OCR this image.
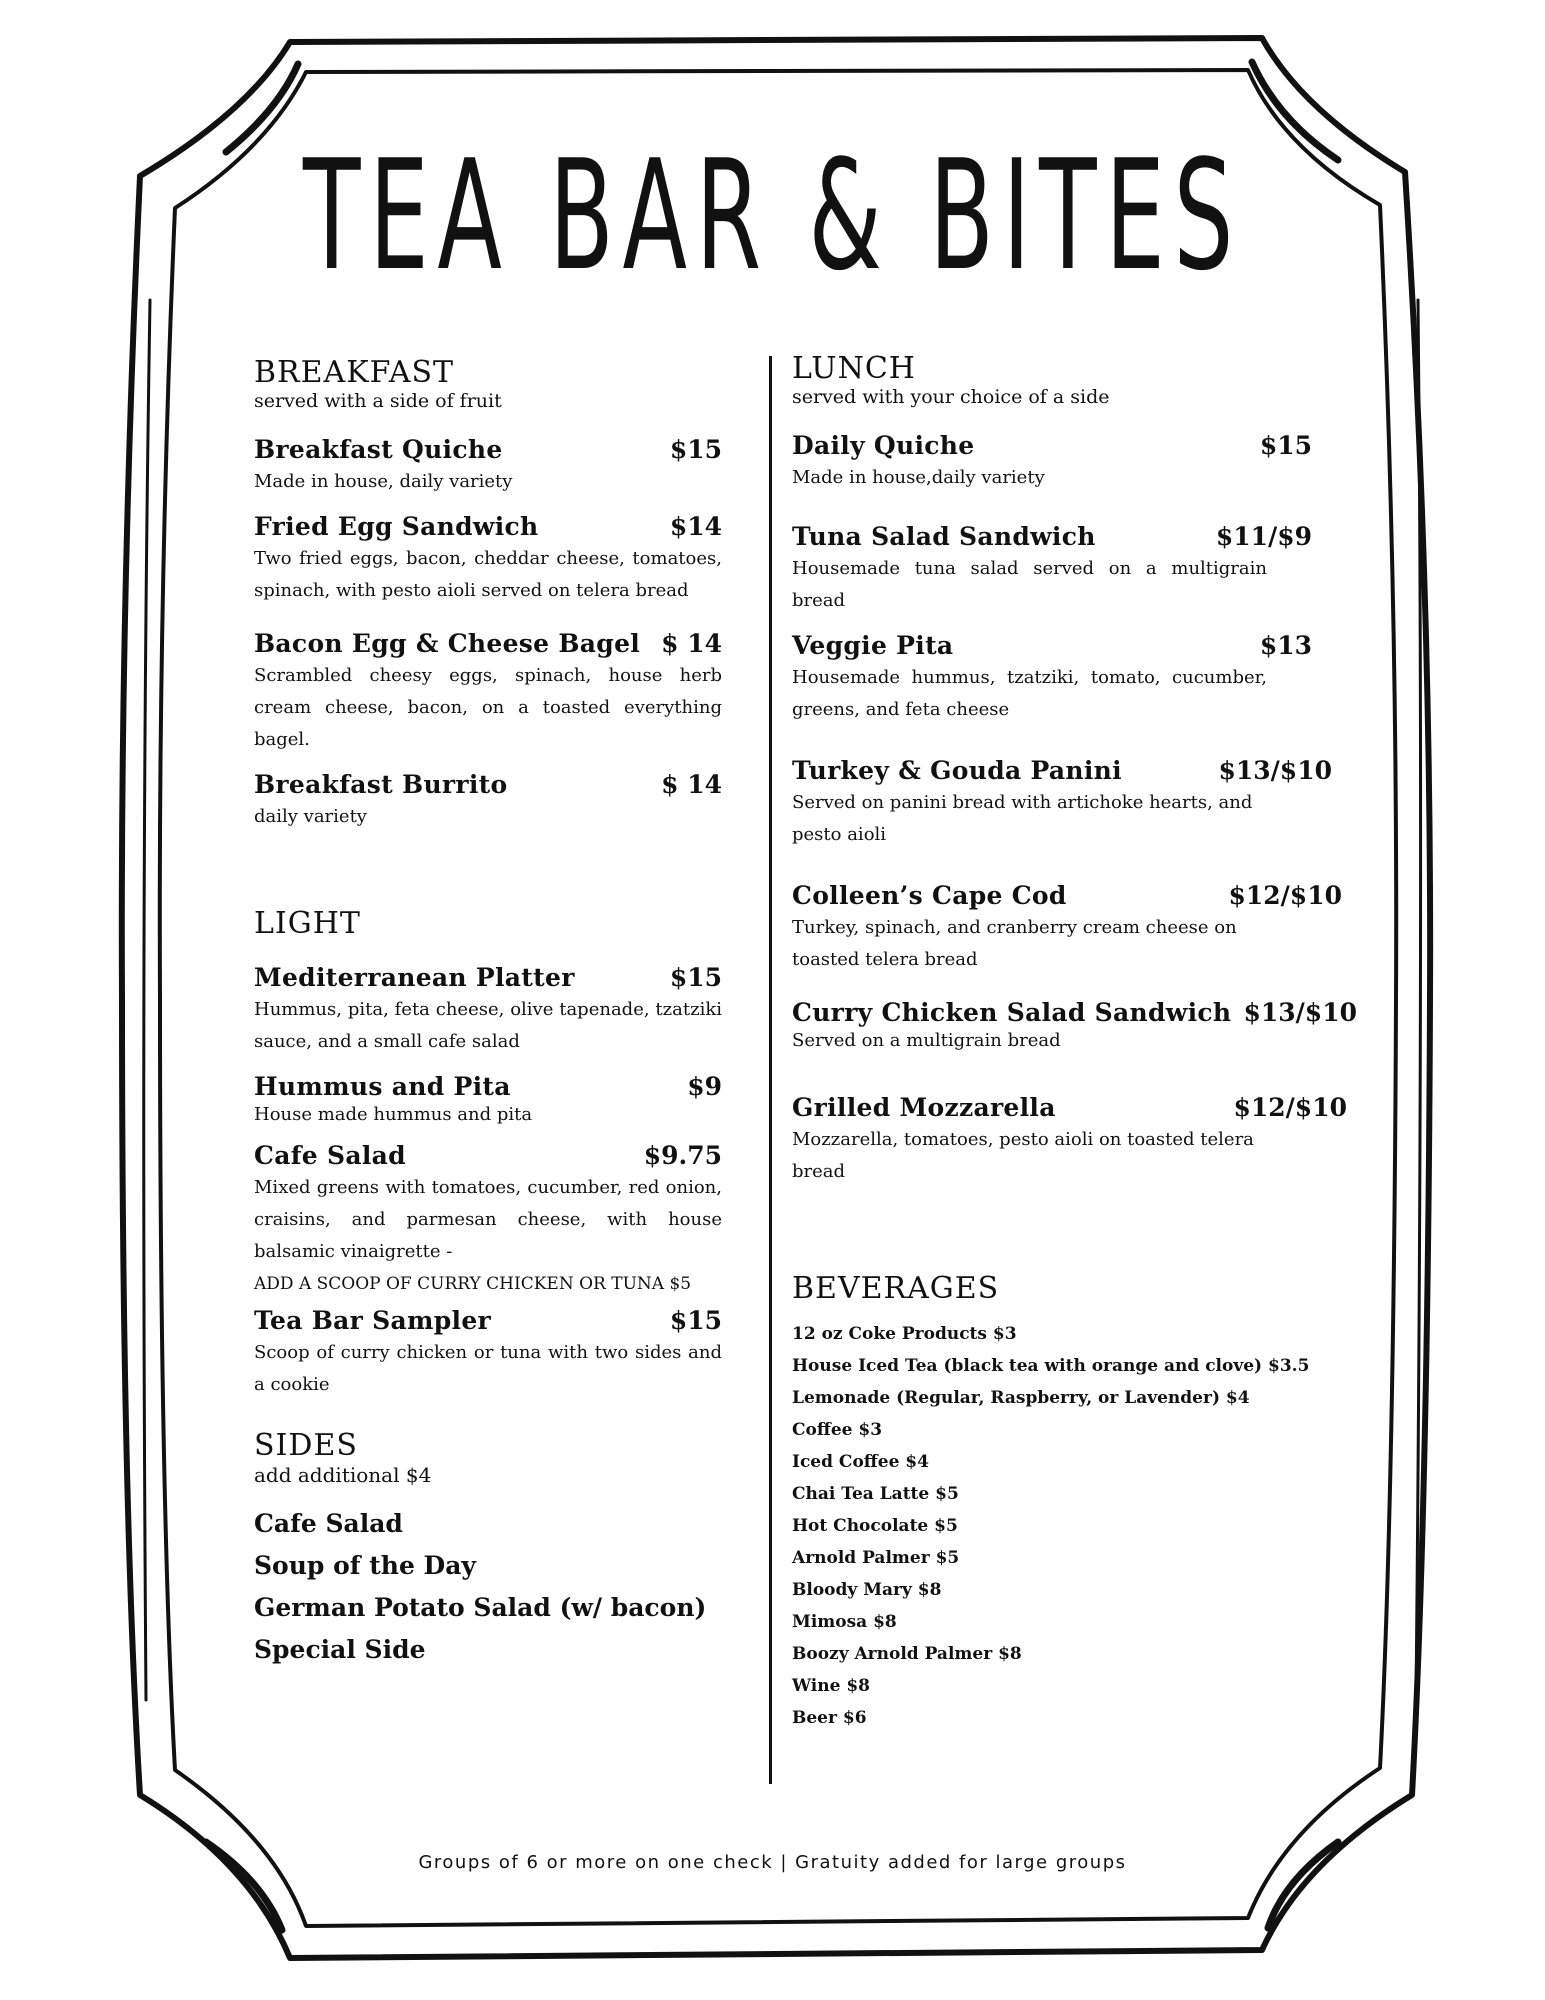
TEA BAR & BITES
BREAKFAST
served with a side of fruit
Breakfast Quiche	$15
Made in house, daily variety
Fried Egg Sandwich	$14
Two fried eggs, bacon, cheddar cheese, tomatoes, spinach, with pesto aioli served on telera bread
Bacon Egg & Cheese Bagel $ 14
Scrambled cheesy eggs, spinach, house herb cream cheese, bacon, on a toasted everything bagel.
Breakfast Burrito	$ 14
daily variety
LIGHT
Mediterranean Platter	$15
Hummus, pita, feta cheese, olive tapenade, tzatziki sauce, and a small cafe salad
Hummus and Pita	$9
House made hummus and pita
Cafe Salad	$9.75
Mixed greens with tomatoes, cucumber, red onion, craisins, and parmesan cheese, with house balsamic vinaigrette -
ADD A SCOOP OF CURRY CHICKEN OR TUNA $5
Tea Bar Sampler	$15
Scoop of curry chicken or tuna with two sides and a cookie
SIDES
add additional $4
Cafe Salad
Soup of the Day
German Potato Salad (w/ bacon)
Special Side
LUNCH
served with your choice of a side
Daily Quiche	$15
Made in house,daily variety
Tuna Salad Sandwich	$11/$9
Housemade tuna salad served on a multigrain bread
Veggie Pita	$13
Housemade hummus, tzatziki, tomato, cucumber, greens, and feta cheese
Turkey & Gouda Panini	$13/$10
Served on panini bread with artichoke hearts, and pesto aioli
Colleen’s Cape Cod	$12/$10
Turkey, spinach, and cranberry cream cheese on toasted telera bread
Curry Chicken Salad Sandwich $13/$10
Served on a multigrain bread
Grilled Mozzarella	$12/$10
Mozzarella, tomatoes, pesto aioli on toasted telera bread
BEVERAGES
12 oz Coke Products $3
House Iced Tea (black tea with orange and clove) $3.5
Lemonade (Regular, Raspberry, or Lavender) $4
Coffee $3
Iced Coffee $4
Chai Tea Latte $5
Hot Chocolate $5
Arnold Palmer $5
Bloody Mary $8
Mimosa $8
Boozy Arnold Palmer $8
Wine $8
Beer $6
Groups of 6 or more on one check | Gratuity added for large groups
